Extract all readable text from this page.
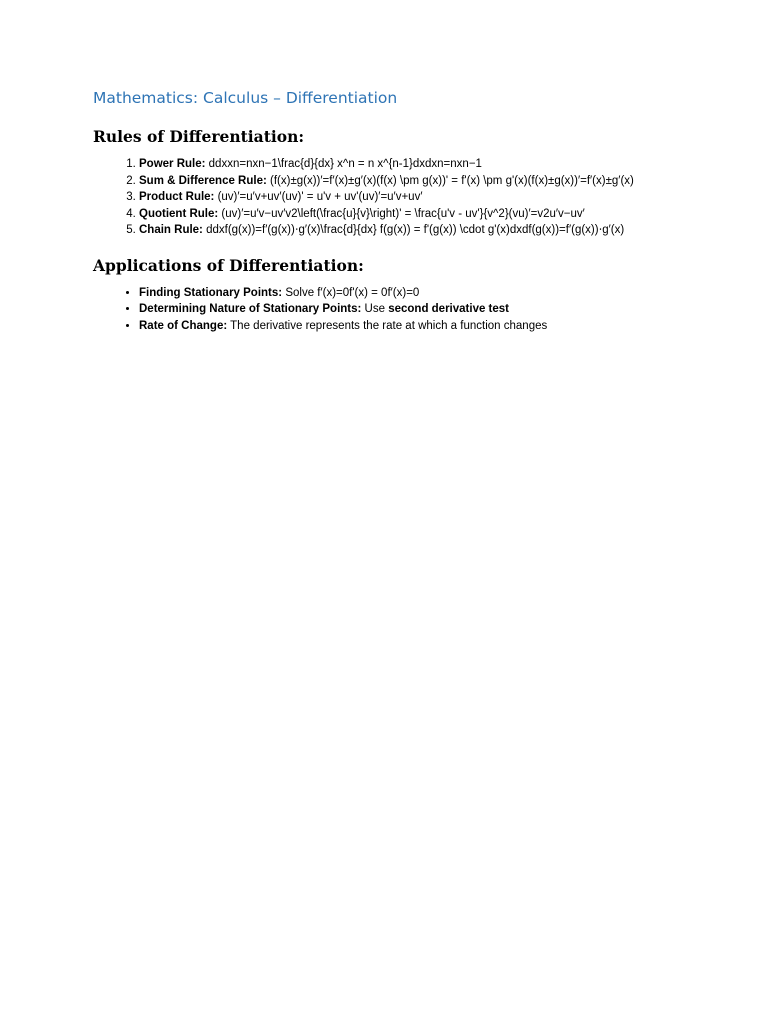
Mathematics: Calculus – Differentiation
Rules of Differentiation:
1. Power Rule: ddxxn=nxn−1\frac{d}{dx} x^n = n x^{n-1}dxdxn=nxn−1
2. Sum & Difference Rule: (f(x)±g(x))′=f′(x)±g′(x)(f(x) \pm g(x))' = f'(x) \pm g'(x)(f(x)±g(x))′=f′(x)±g′(x)
3. Product Rule: (uv)′=u′v+uv′(uv)' = u'v + uv'(uv)′=u′v+uv′
4. Quotient Rule: (uv)′=u′v−uv′v2\left(\frac{u}{v}\right)' = \frac{u'v - uv'}{v^2}(vu)′=v2u′v−uv′
5. Chain Rule: ddxf(g(x))=f′(g(x))⋅g′(x)\frac{d}{dx} f(g(x)) = f'(g(x)) \cdot g'(x)dxdf(g(x))=f′(g(x))⋅g′(x)
Applications of Differentiation:
• Finding Stationary Points: Solve f′(x)=0f'(x) = 0f′(x)=0
• Determining Nature of Stationary Points: Use second derivative test
• Rate of Change: The derivative represents the rate at which a function changes
